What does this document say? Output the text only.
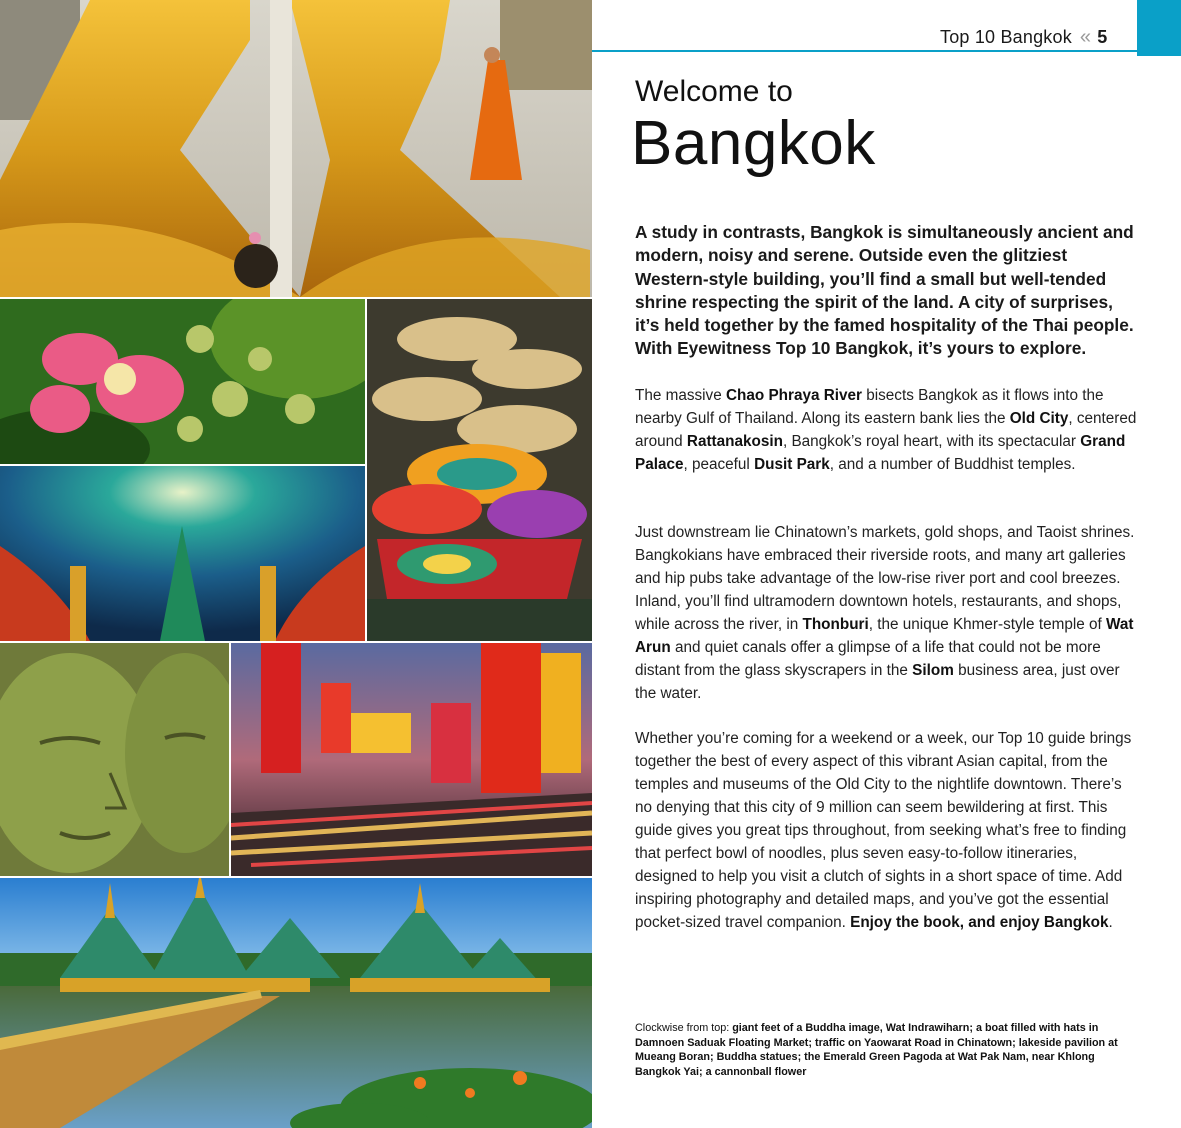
Top 10 Bangkok « 5
Welcome to
Bangkok
A study in contrasts, Bangkok is simultaneously ancient and modern, noisy and serene. Outside even the glitziest Western-style building, you’ll find a small but well-tended shrine respecting the spirit of the land. A city of surprises, it’s held together by the famed hospitality of the Thai people. With Eyewitness Top 10 Bangkok, it’s yours to explore.
The massive Chao Phraya River bisects Bangkok as it flows into the nearby Gulf of Thailand. Along its eastern bank lies the Old City, centered around Rattanakosin, Bangkok’s royal heart, with its spectacular Grand Palace, peaceful Dusit Park, and a number of Buddhist temples.
Just downstream lie Chinatown’s markets, gold shops, and Taoist shrines. Bangkokians have embraced their riverside roots, and many art galleries and hip pubs take advantage of the low-rise river port and cool breezes. Inland, you’ll find ultramodern downtown hotels, restaurants, and shops, while across the river, in Thonburi, the unique Khmer-style temple of Wat Arun and quiet canals offer a glimpse of a life that could not be more distant from the glass skyscrapers in the Silom business area, just over the water.
Whether you’re coming for a weekend or a week, our Top 10 guide brings together the best of every aspect of this vibrant Asian capital, from the temples and museums of the Old City to the nightlife downtown. There’s no denying that this city of 9 million can seem bewildering at first. This guide gives you great tips throughout, from seeking what’s free to finding that perfect bowl of noodles, plus seven easy-to-follow itineraries, designed to help you visit a clutch of sights in a short space of time. Add inspiring photography and detailed maps, and you’ve got the essential pocket-sized travel companion. Enjoy the book, and enjoy Bangkok.
Clockwise from top: giant feet of a Buddha image, Wat Indrawiharn; a boat filled with hats in Damnoen Saduak Floating Market; traffic on Yaowarat Road in Chinatown; lakeside pavilion at Mueang Boran; Buddha statues; the Emerald Green Pagoda at Wat Pak Nam, near Khlong Bangkok Yai; a cannonball flower
